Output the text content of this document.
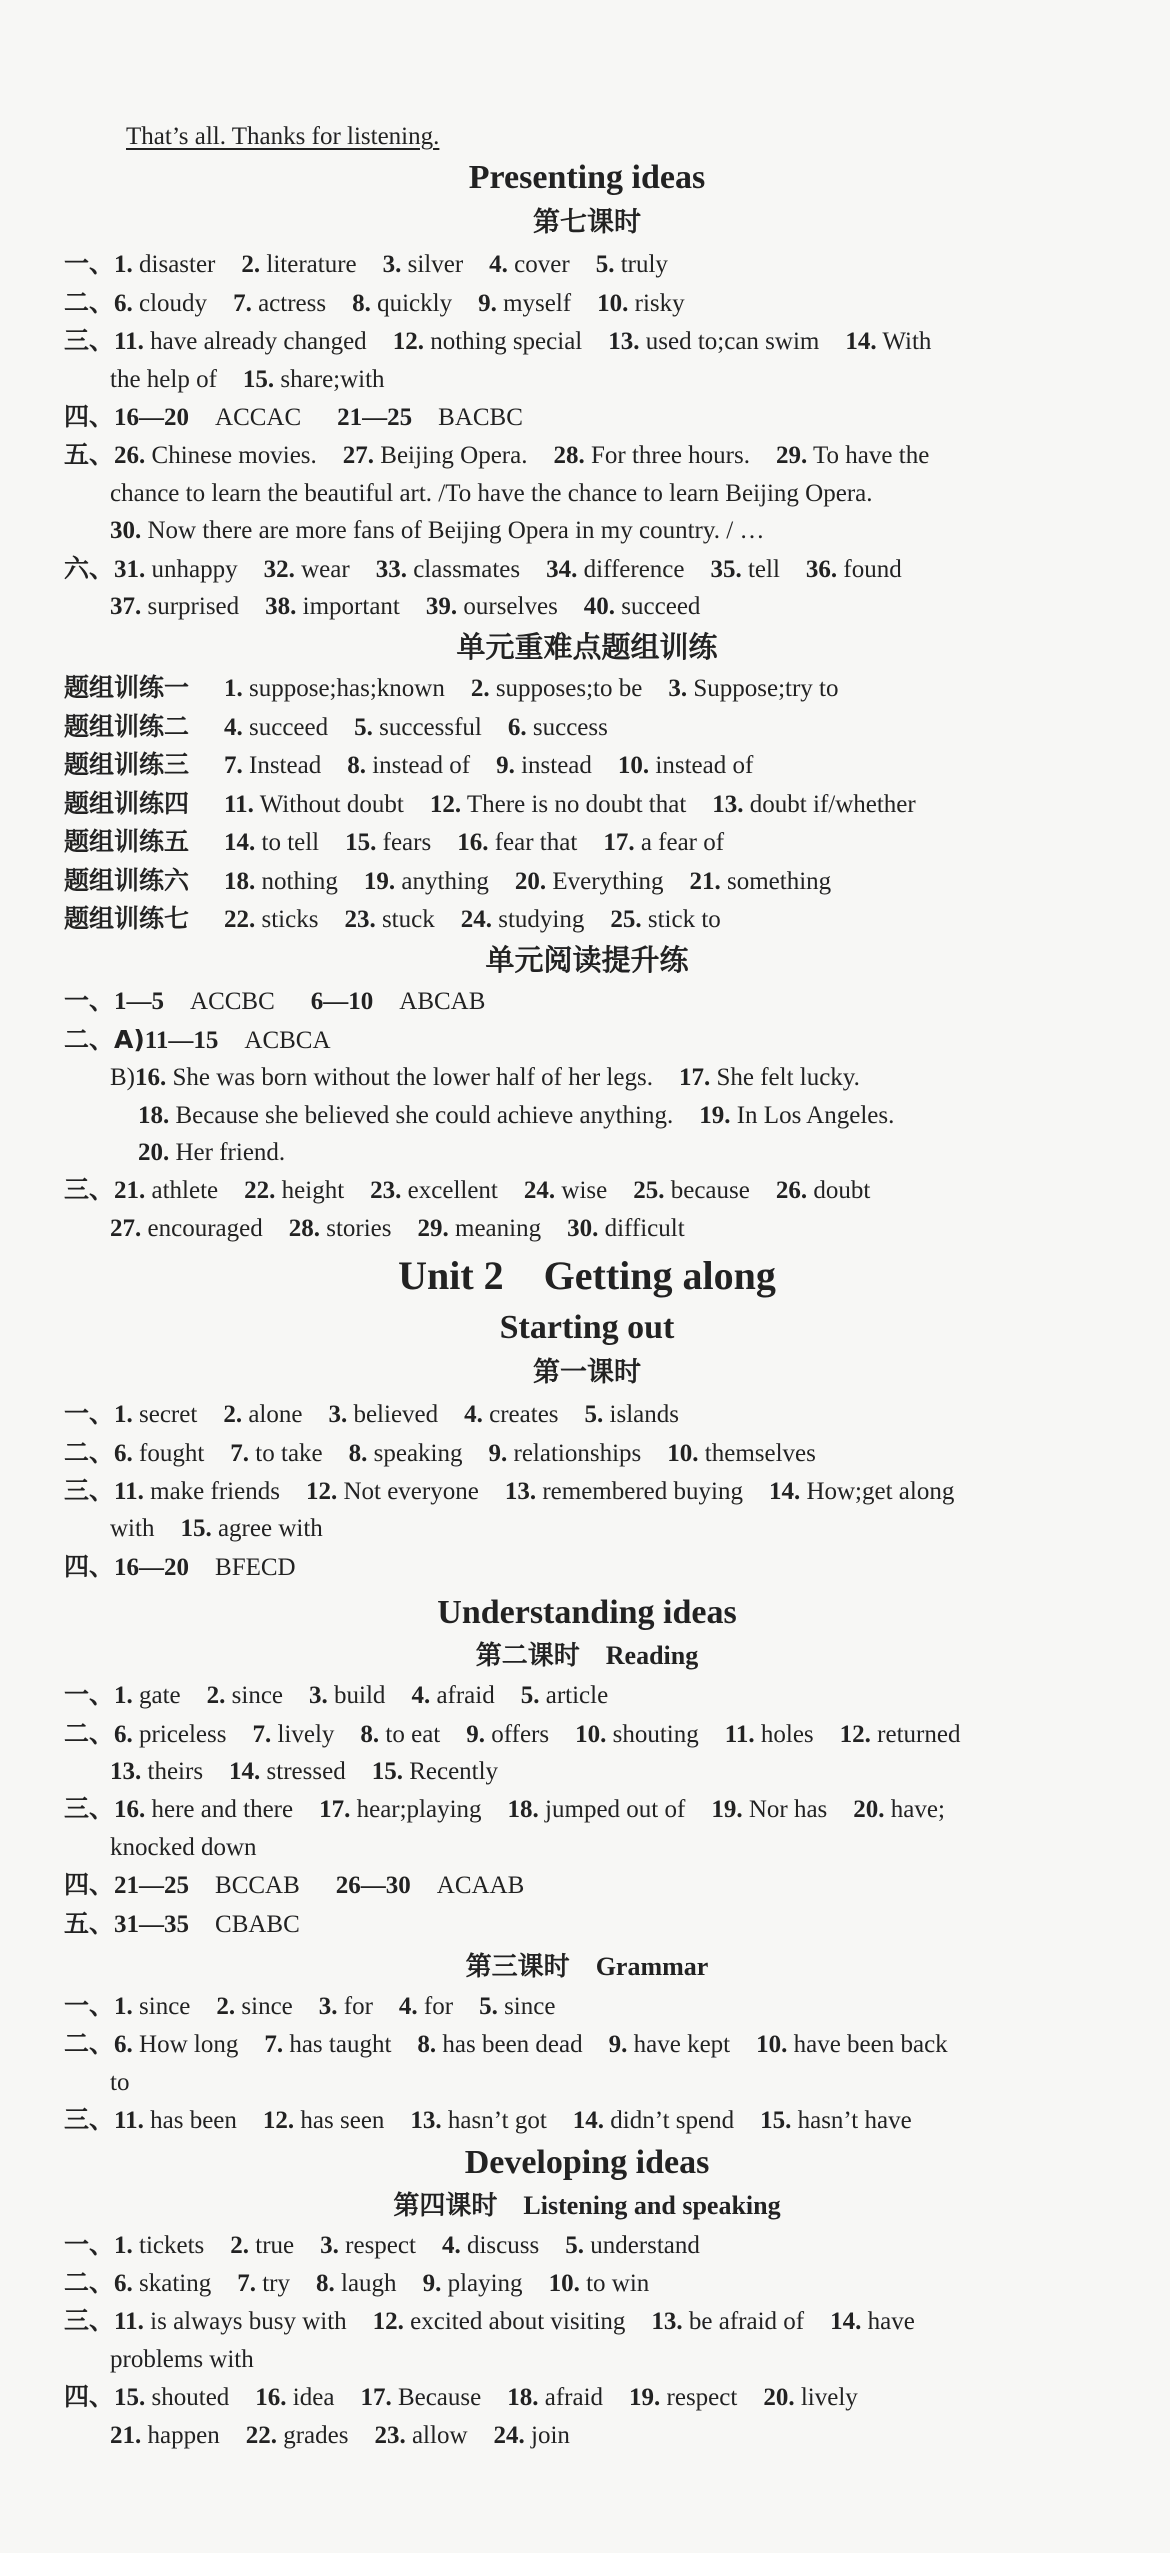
That’s all. Thanks for listening.
Presenting ideas
第七课时
一、1. disaster 2. literature 3. silver 4. cover 5. truly
二、6. cloudy 7. actress 8. quickly 9. myself 10. risky
三、11. have already changed 12. nothing special 13. used to;can swim 14. With
the help of 15. share;with
四、16—20 ACCAC 21—25 BACBC
五、26. Chinese movies. 27. Beijing Opera. 28. For three hours. 29. To have the
chance to learn the beautiful art. /To have the chance to learn Beijing Opera.
30. Now there are more fans of Beijing Opera in my country. / …
六、31. unhappy 32. wear 33. classmates 34. difference 35. tell 36. found
37. surprised 38. important 39. ourselves 40. succeed
单元重难点题组训练
题组训练一 1. suppose;has;known 2. supposes;to be 3. Suppose;try to
题组训练二 4. succeed 5. successful 6. success
题组训练三 7. Instead 8. instead of 9. instead 10. instead of
题组训练四 11. Without doubt 12. There is no doubt that 13. doubt if/whether
题组训练五 14. to tell 15. fears 16. fear that 17. a fear of
题组训练六 18. nothing 19. anything 20. Everything 21. something
题组训练七 22. sticks 23. stuck 24. studying 25. stick to
单元阅读提升练
一、1—5 ACCBC 6—10 ABCAB
二、A)11—15 ACBCA
B)16. She was born without the lower half of her legs. 17. She felt lucky.
18. Because she believed she could achieve anything. 19. In Los Angeles.
20. Her friend.
三、21. athlete 22. height 23. excellent 24. wise 25. because 26. doubt
27. encouraged 28. stories 29. meaning 30. difficult
Unit 2　Getting along
Starting out
第一课时
一、1. secret 2. alone 3. believed 4. creates 5. islands
二、6. fought 7. to take 8. speaking 9. relationships 10. themselves
三、11. make friends 12. Not everyone 13. remembered buying 14. How;get along
with 15. agree with
四、16—20 BFECD
Understanding ideas
第二课时 Reading
一、1. gate 2. since 3. build 4. afraid 5. article
二、6. priceless 7. lively 8. to eat 9. offers 10. shouting 11. holes 12. returned
13. theirs 14. stressed 15. Recently
三、16. here and there 17. hear;playing 18. jumped out of 19. Nor has 20. have;
knocked down
四、21—25 BCCAB 26—30 ACAAB
五、31—35 CBABC
第三课时 Grammar
一、1. since 2. since 3. for 4. for 5. since
二、6. How long 7. has taught 8. has been dead 9. have kept 10. have been back
to
三、11. has been 12. has seen 13. hasn’t got 14. didn’t spend 15. hasn’t have
Developing ideas
第四课时 Listening and speaking
一、1. tickets 2. true 3. respect 4. discuss 5. understand
二、6. skating 7. try 8. laugh 9. playing 10. to win
三、11. is always busy with 12. excited about visiting 13. be afraid of 14. have
problems with
四、15. shouted 16. idea 17. Because 18. afraid 19. respect 20. lively
21. happen 22. grades 23. allow 24. join
